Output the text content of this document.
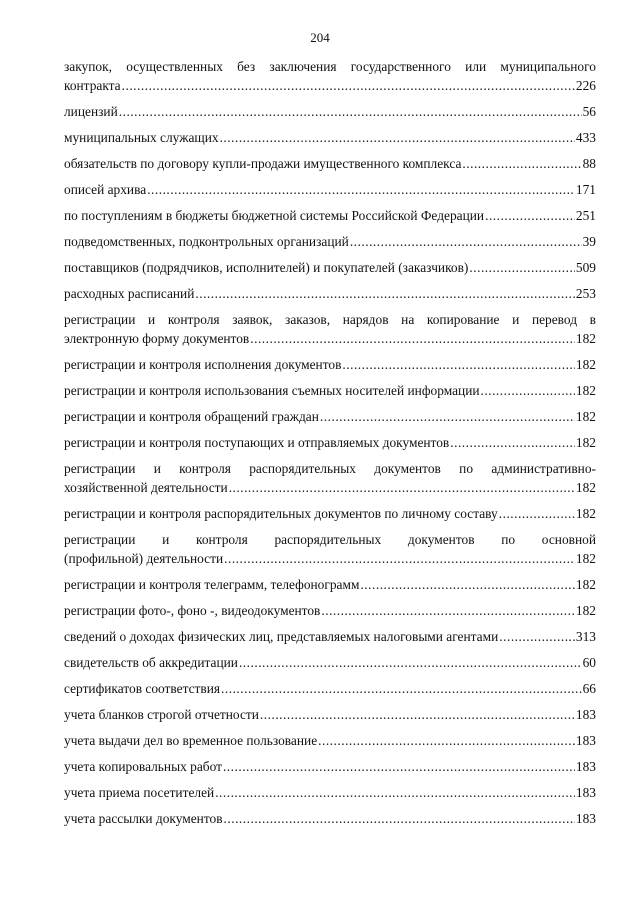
204
закупок, осуществленных без заключения государственного или муниципального
контракта .....	226
лицензий .....	56
муниципальных служащих .....	433
обязательств по договору купли-продажи имущественного комплекса .....	88
описей архива .....	171
по поступлениям в бюджеты бюджетной системы Российской Федерации .....	251
подведомственных, подконтрольных организаций .....	39
поставщиков (подрядчиков, исполнителей) и покупателей (заказчиков) .....	509
расходных расписаний .....	253
регистрации и контроля заявок, заказов, нарядов на копирование и перевод в
электронную форму документов .....	182
регистрации и контроля исполнения документов .....	182
регистрации и контроля использования съемных носителей информации .....	182
регистрации и контроля обращений граждан .....	182
регистрации и контроля поступающих и отправляемых документов .....	182
регистрации и контроля распорядительных документов по административно-
хозяйственной деятельности .....	182
регистрации и контроля распорядительных документов по личному составу .....	182
регистрации и контроля распорядительных документов по основной
(профильной) деятельности .....	182
регистрации и контроля телеграмм, телефонограмм .....	182
регистрации фото-, фоно -, видеодокументов .....	182
сведений о доходах физических лиц, представляемых налоговыми агентами .....	313
свидетельств об аккредитации .....	60
сертификатов соответствия .....	66
учета бланков строгой отчетности .....	183
учета выдачи дел во временное пользование .....	183
учета копировальных работ .....	183
учета приема посетителей .....	183
учета рассылки документов .....	183
